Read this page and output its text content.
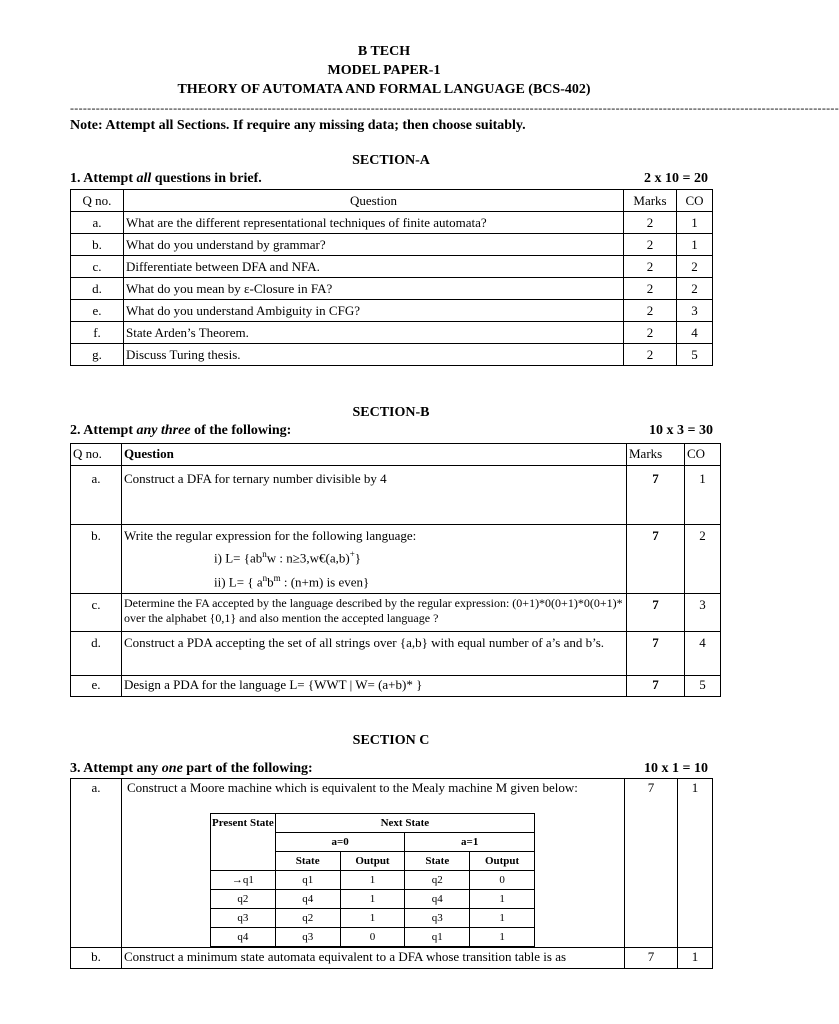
B TECH
MODEL PAPER-1
THEORY OF AUTOMATA AND FORMAL LANGUAGE (BCS-402)
-----------------------------------------------------------------------------------------------------------------------------------------------------------------------------------
Note: Attempt all Sections. If require any missing data; then choose suitably.
SECTION-A
1. Attempt all questions in brief.	2 x 10 = 20
Q no.	Question	Marks	CO
a.	What are the different representational techniques of finite automata?	2	1
b.	What do you understand by grammar?	2	1
c.	Differentiate between DFA and NFA.	2	2
d.	What do you mean by ε-Closure in FA?	2	2
e.	What do you understand Ambiguity in CFG?	2	3
f.	State Arden’s Theorem.	2	4
g.	Discuss Turing thesis.	2	5
SECTION-B
2. Attempt any three of the following:	10 x 3 = 30
Q no.	Question	Marks	CO
a.	Construct a DFA for ternary number divisible by 4	7	1
b.	Write the regular expression for the following language:
i) $L= \{ab^nw$ : n≥3,w€(a,b)+}
ii) L= { $a^nb^m$ : (n+m) is even}	7	2
c.	Determine the FA accepted by the language described by the regular expression: (0+1)*0(0+1)*0(0+1)* over the alphabet {0,1} and also mention the accepted language ?	7	3
d.	Construct a PDA accepting the set of all strings over {a,b} with equal number of a’s and b’s.	7	4
e.	Design a PDA for the language L= {WWT | W= (a+b)* }	7	5
SECTION C
3. Attempt any one part of the following:	10 x 1 = 10
a.	Construct a Moore machine which is equivalent to the Mealy machine M given below:
Present State	Next State
a=0	a=1
State	Output	State	Output
→q1	q1	1	q2	0
q2	q4	1	q4	1
q3	q2	1	q3	1
q4	q3	0	q1	1
	7	1
b.	Construct a minimum state automata equivalent to a DFA whose transition table is as	7	1
